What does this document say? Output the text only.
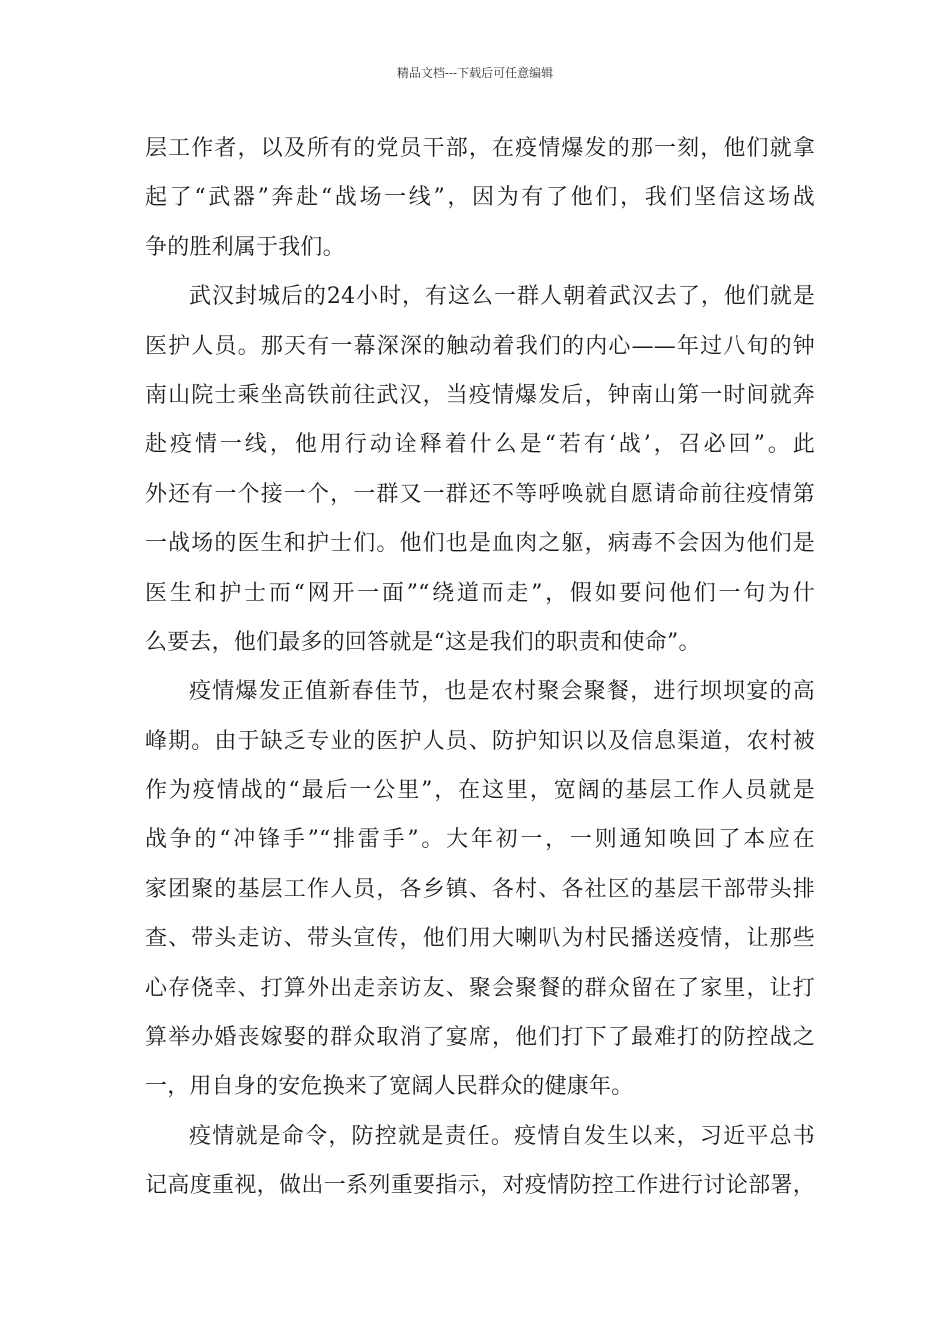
精品文档---下载后可任意编辑
层工作者，以及所有的党员干部，在疫情爆发的那一刻，他们就拿
起了“武器”奔赴“战场一线”，因为有了他们，我们坚信这场战
争的胜利属于我们。
武汉封城后的24小时，有这么一群人朝着武汉去了，他们就是
医护人员。那天有一幕深深的触动着我们的内心——年过八旬的钟
南山院士乘坐高铁前往武汉，当疫情爆发后，钟南山第一时间就奔
赴疫情一线，他用行动诠释着什么是“若有‘战’，召必回”。此
外还有一个接一个，一群又一群还不等呼唤就自愿请命前往疫情第
一战场的医生和护士们。他们也是血肉之躯，病毒不会因为他们是
医生和护士而“网开一面”“绕道而走”，假如要问他们一句为什
么要去，他们最多的回答就是“这是我们的职责和使命”。
疫情爆发正值新春佳节，也是农村聚会聚餐，进行坝坝宴的高
峰期。由于缺乏专业的医护人员、防护知识以及信息渠道，农村被
作为疫情战的“最后一公里”，在这里，宽阔的基层工作人员就是
战争的“冲锋手”“排雷手”。大年初一，一则通知唤回了本应在
家团聚的基层工作人员，各乡镇、各村、各社区的基层干部带头排
查、带头走访、带头宣传，他们用大喇叭为村民播送疫情，让那些
心存侥幸、打算外出走亲访友、聚会聚餐的群众留在了家里，让打
算举办婚丧嫁娶的群众取消了宴席，他们打下了最难打的防控战之
一，用自身的安危换来了宽阔人民群众的健康年。
疫情就是命令，防控就是责任。疫情自发生以来，习近平总书
记高度重视，做出一系列重要指示，对疫情防控工作进行讨论部署，
